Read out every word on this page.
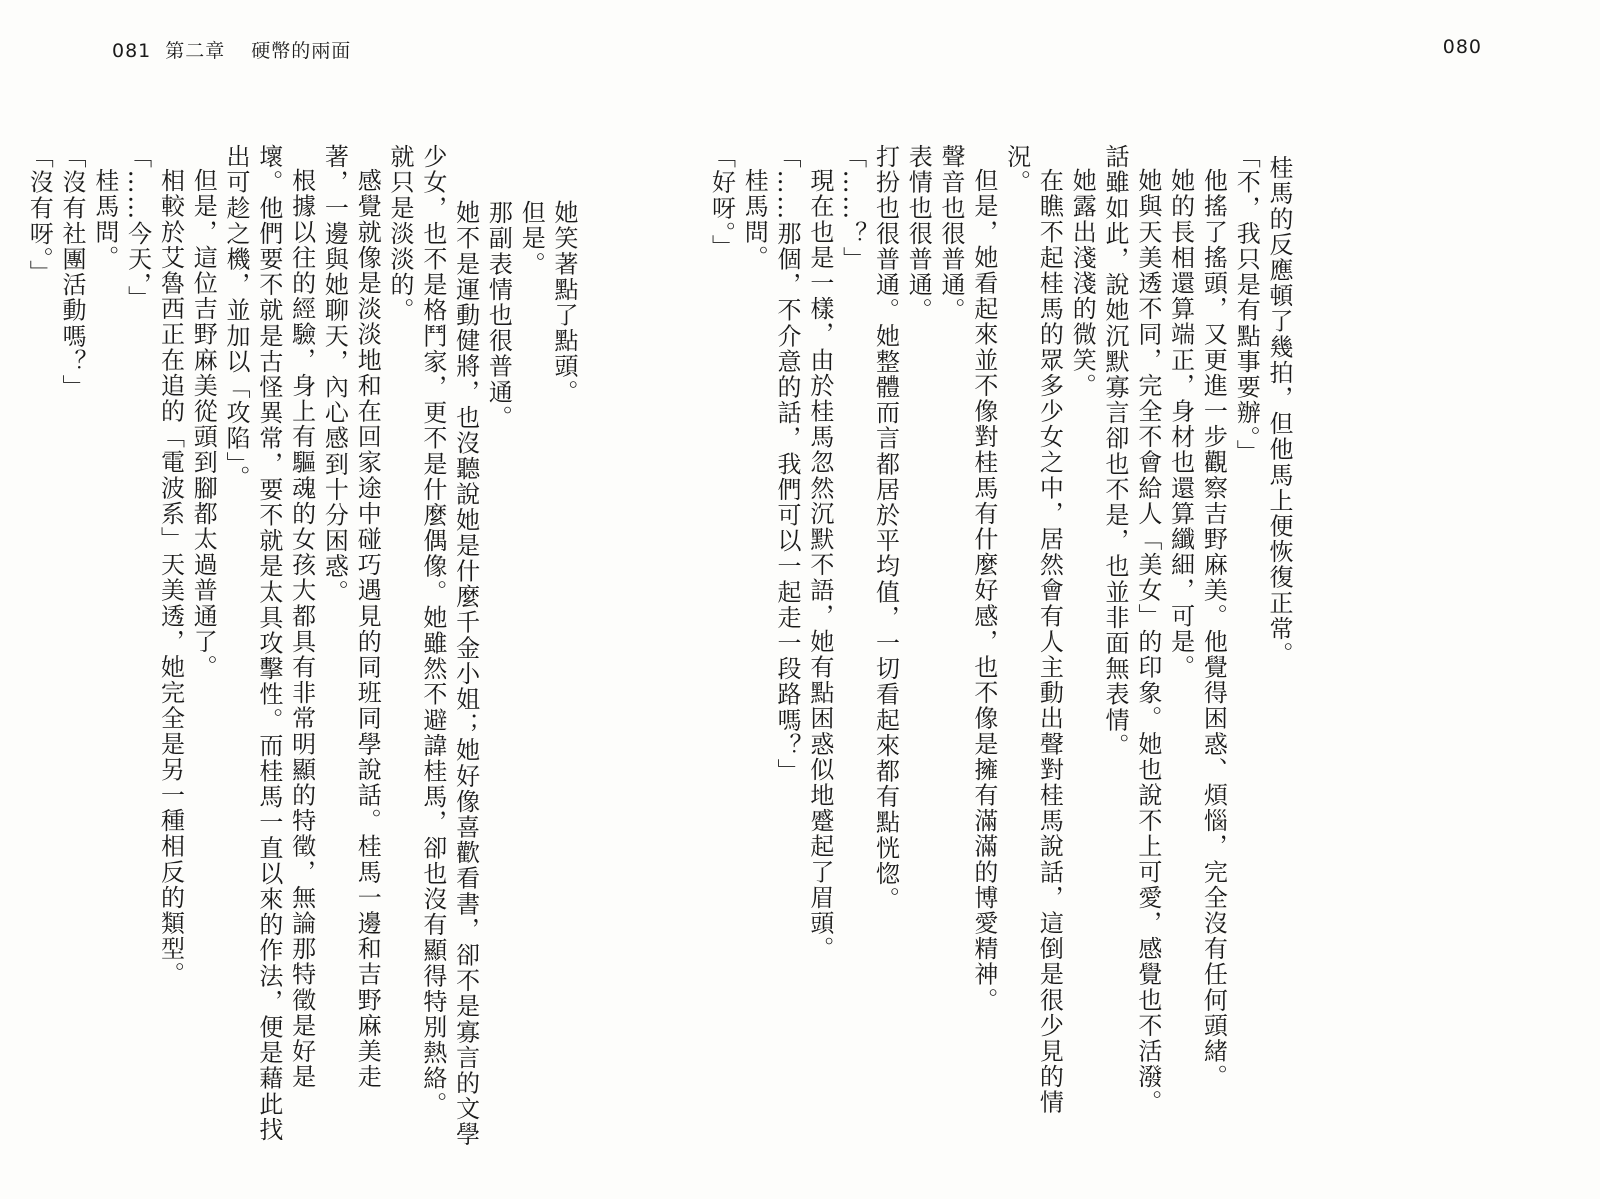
081 第二章 硬幣的兩面	080
桂馬的反應頓了幾拍，但他馬上便恢復正常。
「不，我只是有點事要辦。」
他搖了搖頭，又更進一步觀察吉野麻美。他覺得困惑、煩惱，完全沒有任何頭緒。
她的長相還算端正，身材也還算纖細，可是。
她與天美透不同，完全不會給人「美女」的印象。她也說不上可愛，感覺也不活潑。
話雖如此，說她沉默寡言卻也不是，也並非面無表情。
她露出淺淺的微笑。
在瞧不起桂馬的眾多少女之中，居然會有人主動出聲對桂馬說話，這倒是很少見的情
況。
但是，她看起來並不像對桂馬有什麼好感，也不像是擁有滿滿的博愛精神。
聲音也很普通。
表情也很普通。
打扮也很普通。她整體而言都居於平均值，一切看起來都有點恍惚。
「……？」
現在也是一樣，由於桂馬忽然沉默不語，她有點困惑似地蹙起了眉頭。
「……那個，不介意的話，我們可以一起走一段路嗎？」
桂馬問。
「好呀。」
她笑著點了點頭。
但是。
那副表情也很普通。
她不是運動健將，也沒聽說她是什麼千金小姐；她好像喜歡看書，卻不是寡言的文學
少女，也不是格鬥家，更不是什麼偶像。她雖然不避諱桂馬，卻也沒有顯得特別熱絡。
就只是淡淡的。
感覺就像是淡淡地和在回家途中碰巧遇見的同班同學說話。桂馬一邊和吉野麻美走
著，一邊與她聊天，內心感到十分困惑。
根據以往的經驗，身上有驅魂的女孩大都具有非常明顯的特徵，無論那特徵是好是
壞。他們要不就是古怪異常，要不就是太具攻擊性。而桂馬一直以來的作法，便是藉此找
出可趁之機，並加以「攻陷」。
但是，這位吉野麻美從頭到腳都太過普通了。
相較於艾魯西正在追的「電波系」天美透，她完全是另一種相反的類型。
「……今天，」
桂馬問。
「沒有社團活動嗎？」
「沒有呀。」
